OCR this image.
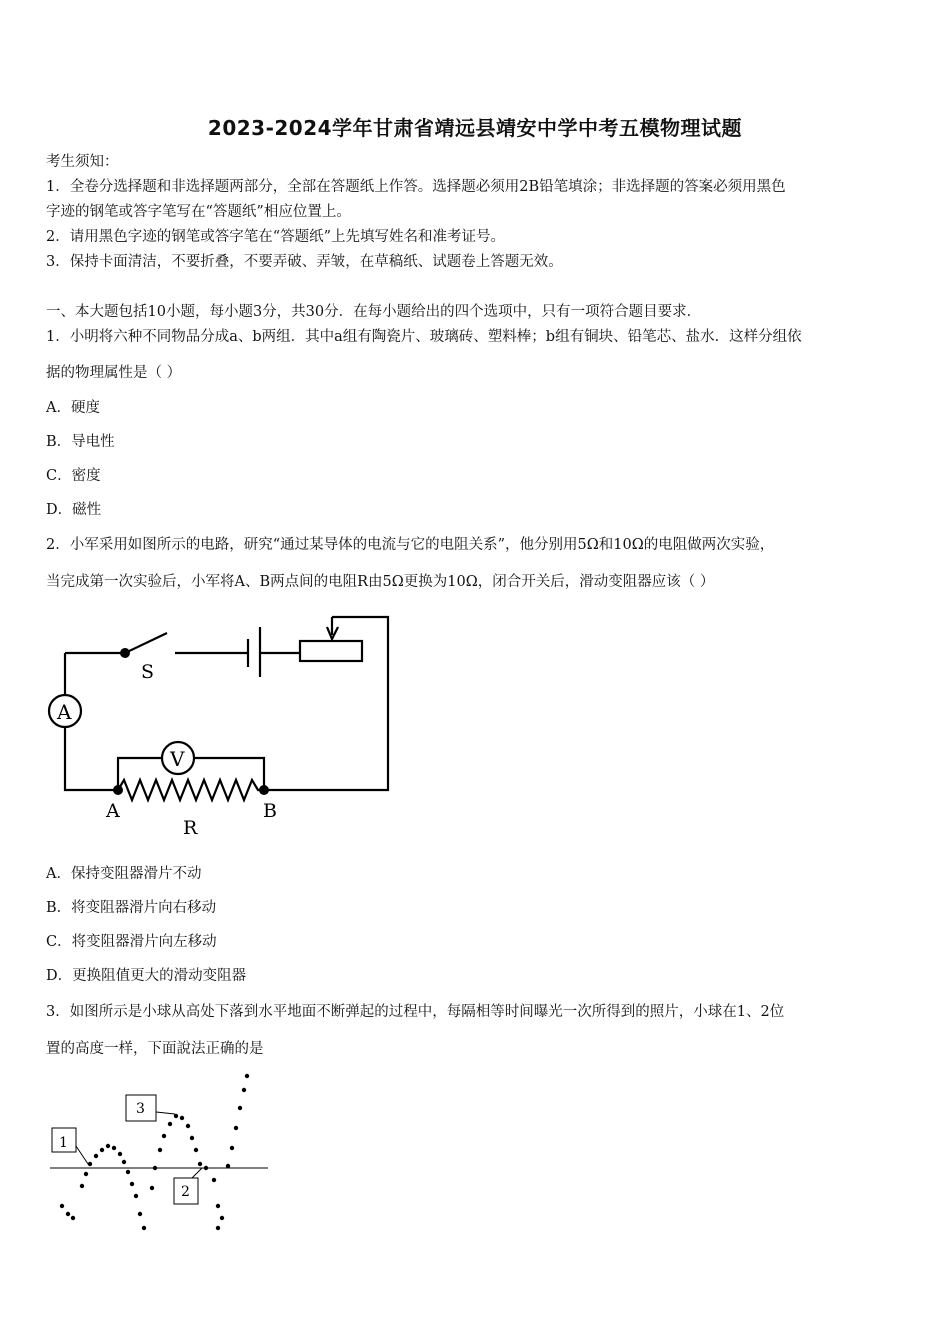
2023-2024学年甘肃省靖远县靖安中学中考五模物理试题
考生须知：
1．全卷分选择题和非选择题两部分，全部在答题纸上作答。选择题必须用2B铅笔填涂；非选择题的答案必须用黑色
字迹的钢笔或答字笔写在“答题纸”相应位置上。
2．请用黑色字迹的钢笔或答字笔在“答题纸”上先填写姓名和准考证号。
3．保持卡面清洁，不要折叠，不要弄破、弄皱，在草稿纸、试题卷上答题无效。
一、本大题包括10小题，每小题3分，共30分．在每小题给出的四个选项中，只有一项符合题目要求．
1．小明将六种不同物品分成a、b两组．其中a组有陶瓷片、玻璃砖、塑料棒；b组有铜块、铅笔芯、盐水．这样分组依
据的物理属性是（ ）
A．硬度
B．导电性
C．密度
D．磁性
2．小军采用如图所示的电路，研究“通过某导体的电流与它的电阻关系”，他分别用5Ω和10Ω的电阻做两次实验，
当完成第一次实验后，小军将A、B两点间的电阻R由5Ω更换为10Ω，闭合开关后，滑动变阻器应该（ ）
S
A
V
A	B
R
A．保持变阻器滑片不动
B．将变阻器滑片向右移动
C．将变阻器滑片向左移动
D．更换阻值更大的滑动变阻器
3．如图所示是小球从高处下落到水平地面不断弹起的过程中，每隔相等时间曝光一次所得到的照片，小球在1、2位
置的高度一样，下面說法正确的是
1
3
2
